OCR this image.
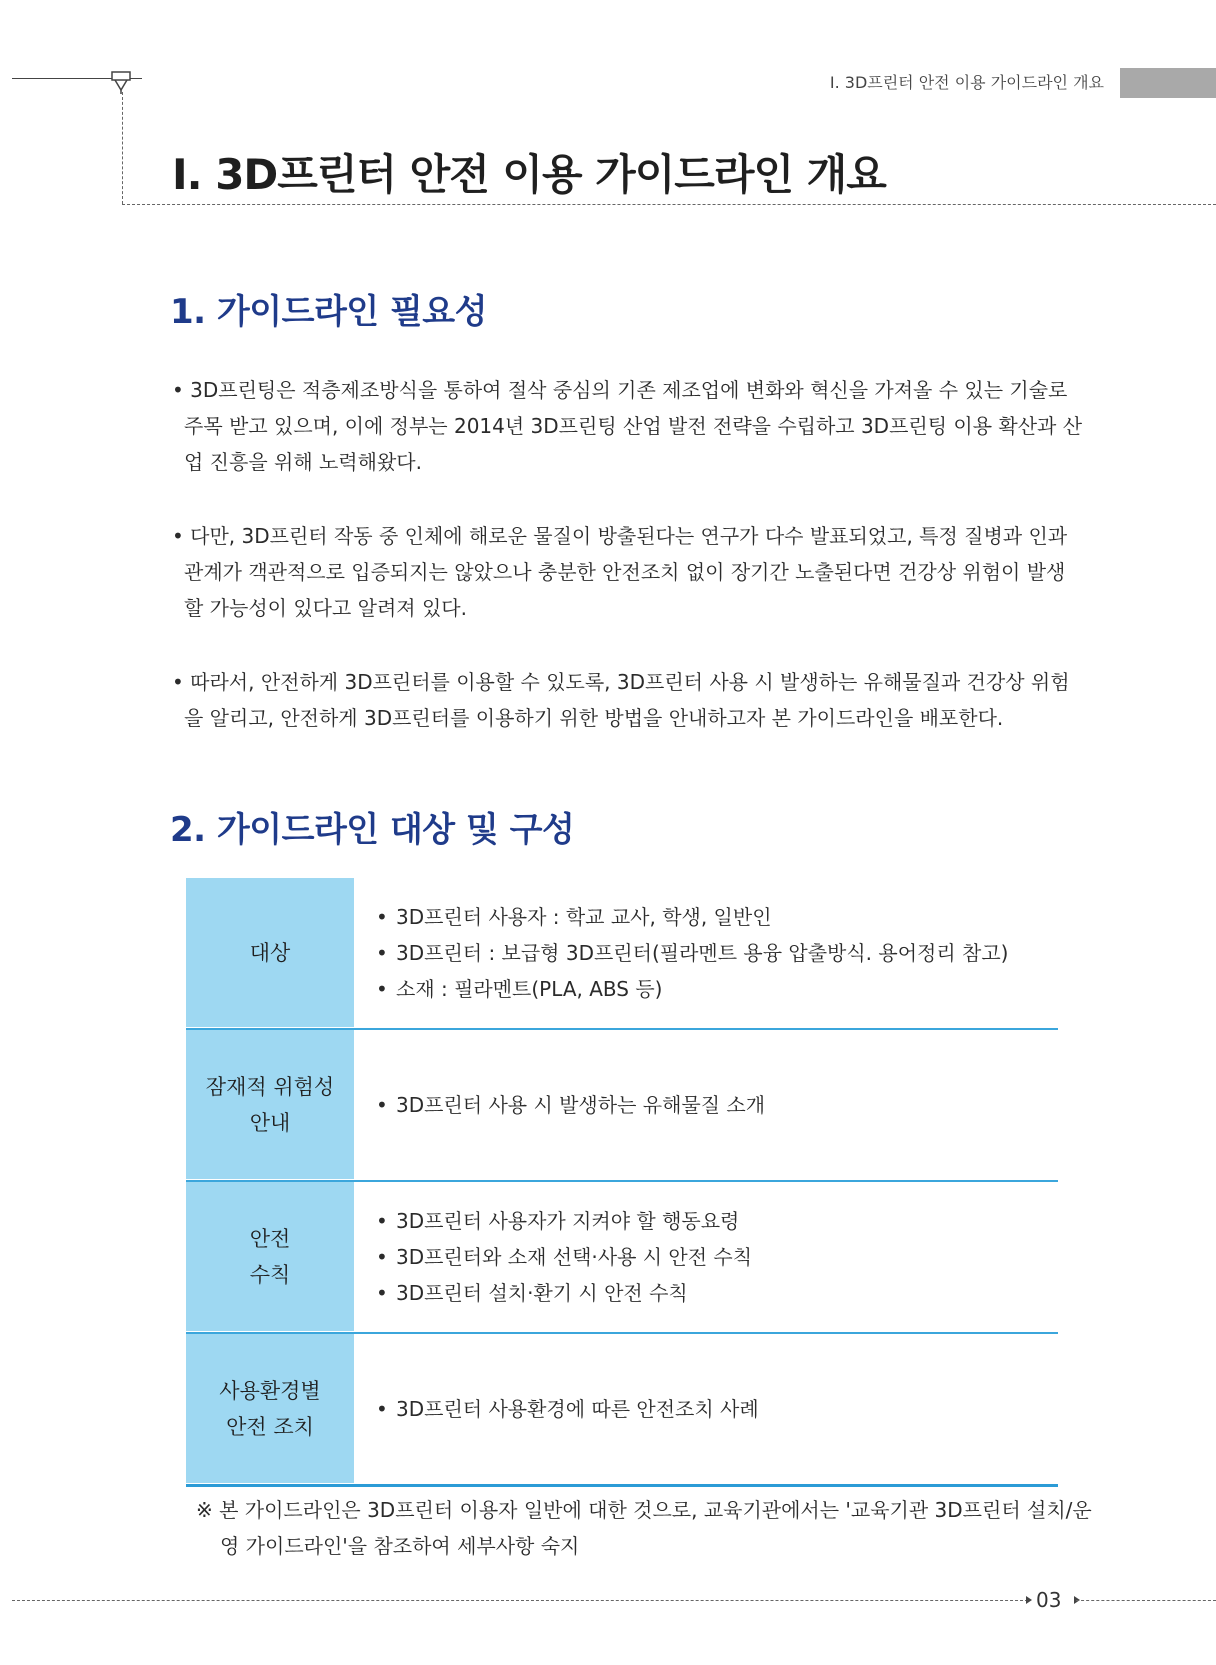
Ⅰ. 3D프린터 안전 이용 가이드라인 개요
Ⅰ. 3D프린터 안전 이용 가이드라인 개요
1. 가이드라인 필요성
• 3D프린팅은 적층제조방식을 통하여 절삭 중심의 기존 제조업에 변화와 혁신을 가져올 수 있는 기술로 주목 받고 있으며, 이에 정부는 2014년 3D프린팅 산업 발전 전략을 수립하고 3D프린팅 이용 확산과 산업 진흥을 위해 노력해왔다.
• 다만, 3D프린터 작동 중 인체에 해로운 물질이 방출된다는 연구가 다수 발표되었고, 특정 질병과 인과관계가 객관적으로 입증되지는 않았으나 충분한 안전조치 없이 장기간 노출된다면 건강상 위험이 발생할 가능성이 있다고 알려져 있다.
• 따라서, 안전하게 3D프린터를 이용할 수 있도록, 3D프린터 사용 시 발생하는 유해물질과 건강상 위험을 알리고, 안전하게 3D프린터를 이용하기 위한 방법을 안내하고자 본 가이드라인을 배포한다.
2. 가이드라인 대상 및 구성
대상
• 3D프린터 사용자 : 학교 교사, 학생, 일반인
• 3D프린터 : 보급형 3D프린터(필라멘트 용융 압출방식. 용어정리 참고)
• 소재 : 필라멘트(PLA, ABS 등)
잠재적 위험성
안내
• 3D프린터 사용 시 발생하는 유해물질 소개
안전
수칙
• 3D프린터 사용자가 지켜야 할 행동요령
• 3D프린터와 소재 선택·사용 시 안전 수칙
• 3D프린터 설치·환기 시 안전 수칙
사용환경별
안전 조치
• 3D프린터 사용환경에 따른 안전조치 사례
※ 본 가이드라인은 3D프린터 이용자 일반에 대한 것으로, 교육기관에서는 '교육기관 3D프린터 설치/운영 가이드라인'을 참조하여 세부사항 숙지
03
